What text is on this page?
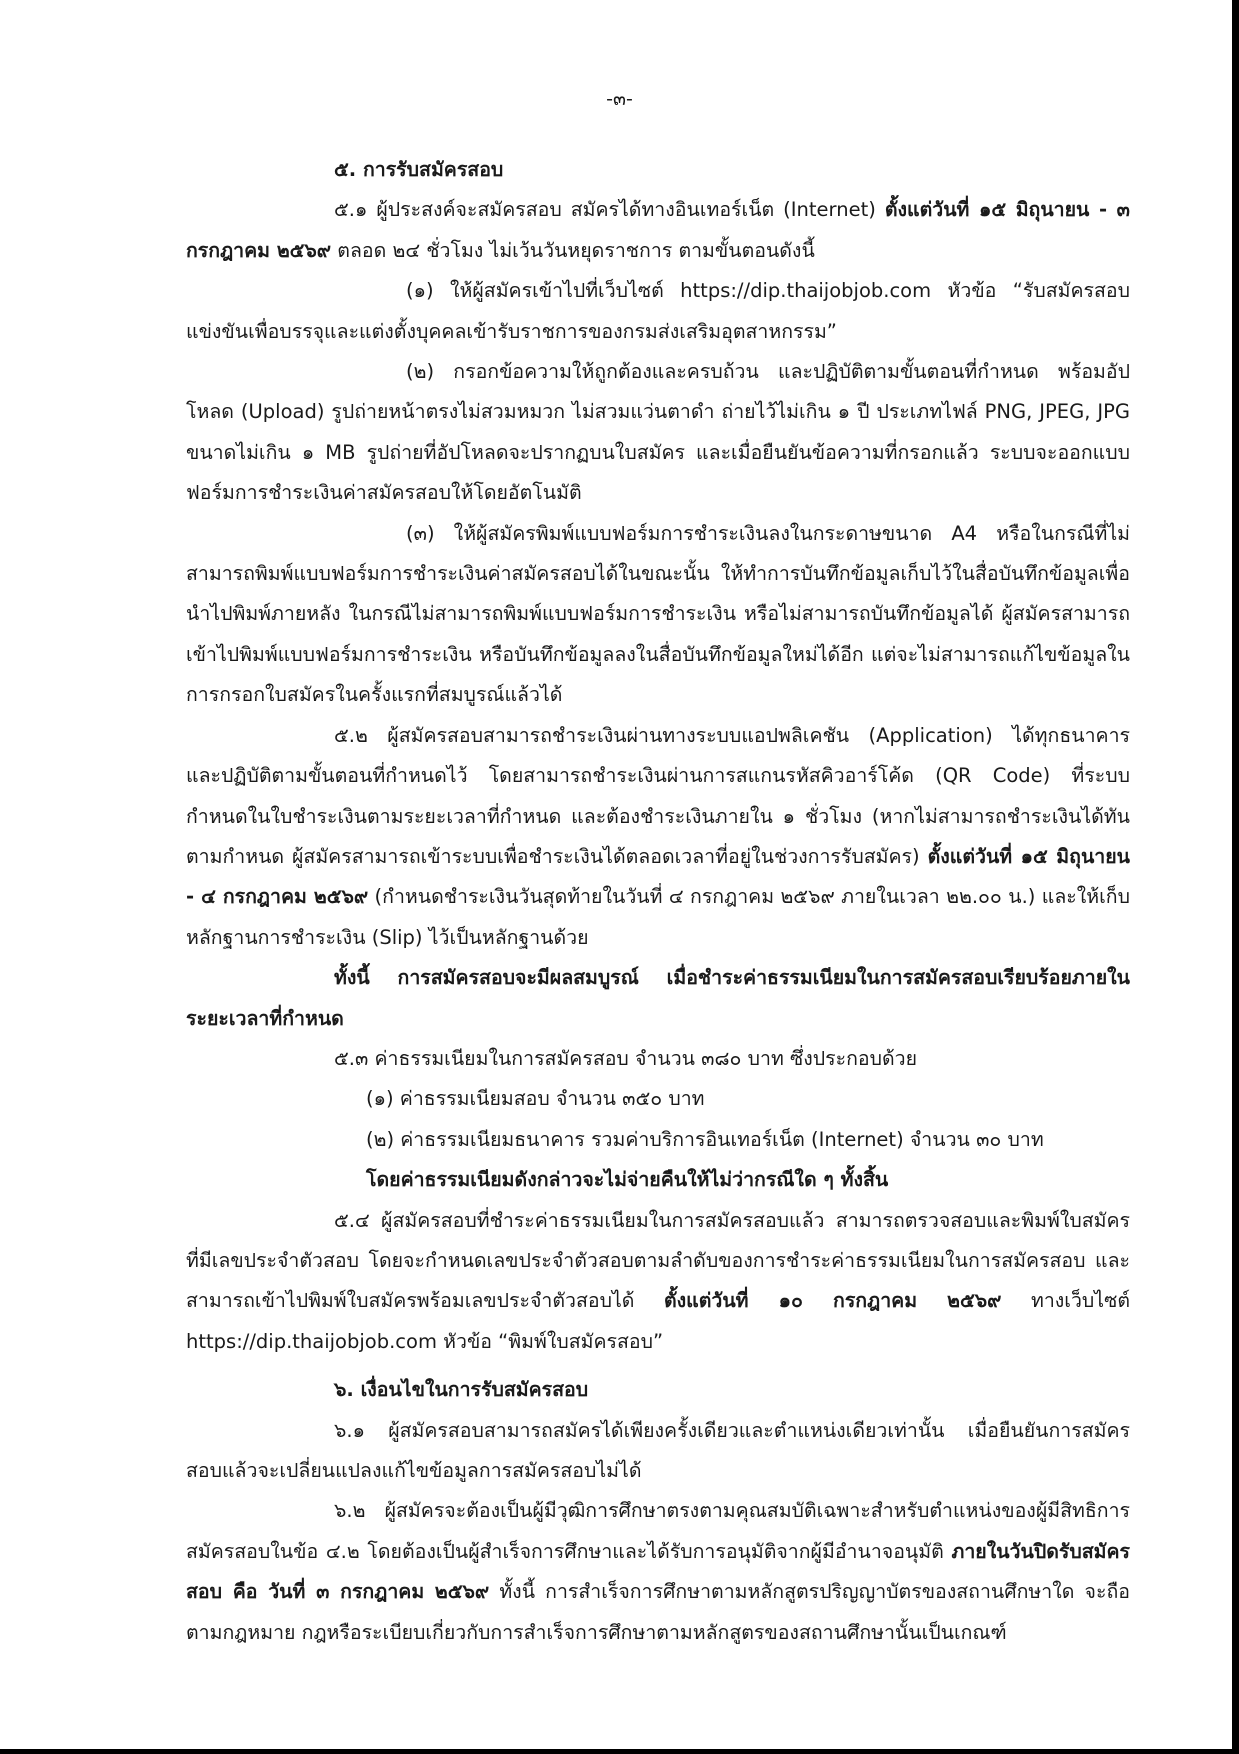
-๓-

๕. การรับสมัครสอบ

๕.๑ ผู้ประสงค์จะสมัครสอบ สมัครได้ทางอินเทอร์เน็ต (Internet) ตั้งแต่วันที่ ๑๕ มิถุนายน - ๓ กรกฎาคม ๒๕๖๙ ตลอด ๒๔ ชั่วโมง ไม่เว้นวันหยุดราชการ ตามขั้นตอนดังนี้

(๑) ให้ผู้สมัครเข้าไปที่เว็บไซต์ https://dip.thaijobjob.com หัวข้อ “รับสมัครสอบแข่งขันเพื่อบรรจุและแต่งตั้งบุคคลเข้ารับราชการของกรมส่งเสริมอุตสาหกรรม”

(๒) กรอกข้อความให้ถูกต้องและครบถ้วน และปฏิบัติตามขั้นตอนที่กำหนด พร้อมอัปโหลด (Upload) รูปถ่ายหน้าตรงไม่สวมหมวก ไม่สวมแว่นตาดำ ถ่ายไว้ไม่เกิน ๑ ปี ประเภทไฟล์ PNG, JPEG, JPG ขนาดไม่เกิน ๑ MB รูปถ่ายที่อัปโหลดจะปรากฏบนใบสมัคร และเมื่อยืนยันข้อความที่กรอกแล้ว ระบบจะออกแบบฟอร์มการชำระเงินค่าสมัครสอบให้โดยอัตโนมัติ

(๓) ให้ผู้สมัครพิมพ์แบบฟอร์มการชำระเงินลงในกระดาษขนาด A4 หรือในกรณีที่ไม่สามารถพิมพ์แบบฟอร์มการชำระเงินค่าสมัครสอบได้ในขณะนั้น ให้ทำการบันทึกข้อมูลเก็บไว้ในสื่อบันทึกข้อมูลเพื่อนำไปพิมพ์ภายหลัง ในกรณีไม่สามารถพิมพ์แบบฟอร์มการชำระเงิน หรือไม่สามารถบันทึกข้อมูลได้ ผู้สมัครสามารถเข้าไปพิมพ์แบบฟอร์มการชำระเงิน หรือบันทึกข้อมูลลงในสื่อบันทึกข้อมูลใหม่ได้อีก แต่จะไม่สามารถแก้ไขข้อมูลในการกรอกใบสมัครในครั้งแรกที่สมบูรณ์แล้วได้

๕.๒ ผู้สมัครสอบสามารถชำระเงินผ่านทางระบบแอปพลิเคชัน (Application) ได้ทุกธนาคาร และปฏิบัติตามขั้นตอนที่กำหนดไว้ โดยสามารถชำระเงินผ่านการสแกนรหัสคิวอาร์โค้ด (QR Code) ที่ระบบกำหนดในใบชำระเงินตามระยะเวลาที่กำหนด และต้องชำระเงินภายใน ๑ ชั่วโมง (หากไม่สามารถชำระเงินได้ทันตามกำหนด ผู้สมัครสามารถเข้าระบบเพื่อชำระเงินได้ตลอดเวลาที่อยู่ในช่วงการรับสมัคร) ตั้งแต่วันที่ ๑๕ มิถุนายน - ๔ กรกฎาคม ๒๕๖๙ (กำหนดชำระเงินวันสุดท้ายในวันที่ ๔ กรกฎาคม ๒๕๖๙ ภายในเวลา ๒๒.๐๐ น.) และให้เก็บหลักฐานการชำระเงิน (Slip) ไว้เป็นหลักฐานด้วย

ทั้งนี้ การสมัครสอบจะมีผลสมบูรณ์ เมื่อชำระค่าธรรมเนียมในการสมัครสอบเรียบร้อยภายในระยะเวลาที่กำหนด

๕.๓ ค่าธรรมเนียมในการสมัครสอบ จำนวน ๓๘๐ บาท ซึ่งประกอบด้วย

(๑) ค่าธรรมเนียมสอบ จำนวน ๓๕๐ บาท

(๒) ค่าธรรมเนียมธนาคาร รวมค่าบริการอินเทอร์เน็ต (Internet) จำนวน ๓๐ บาท

โดยค่าธรรมเนียมดังกล่าวจะไม่จ่ายคืนให้ไม่ว่ากรณีใด ๆ ทั้งสิ้น

๕.๔ ผู้สมัครสอบที่ชำระค่าธรรมเนียมในการสมัครสอบแล้ว สามารถตรวจสอบและพิมพ์ใบสมัครที่มีเลขประจำตัวสอบ โดยจะกำหนดเลขประจำตัวสอบตามลำดับของการชำระค่าธรรมเนียมในการสมัครสอบ และสามารถเข้าไปพิมพ์ใบสมัครพร้อมเลขประจำตัวสอบได้ ตั้งแต่วันที่ ๑๐ กรกฎาคม ๒๕๖๙ ทางเว็บไซต์ https://dip.thaijobjob.com หัวข้อ “พิมพ์ใบสมัครสอบ”

๖. เงื่อนไขในการรับสมัครสอบ

๖.๑ ผู้สมัครสอบสามารถสมัครได้เพียงครั้งเดียวและตำแหน่งเดียวเท่านั้น เมื่อยืนยันการสมัครสอบแล้วจะเปลี่ยนแปลงแก้ไขข้อมูลการสมัครสอบไม่ได้

๖.๒ ผู้สมัครจะต้องเป็นผู้มีวุฒิการศึกษาตรงตามคุณสมบัติเฉพาะสำหรับตำแหน่งของผู้มีสิทธิการสมัครสอบในข้อ ๔.๒ โดยต้องเป็นผู้สำเร็จการศึกษาและได้รับการอนุมัติจากผู้มีอำนาจอนุมัติ ภายในวันปิดรับสมัครสอบ คือ วันที่ ๓ กรกฎาคม ๒๕๖๙ ทั้งนี้ การสำเร็จการศึกษาตามหลักสูตรปริญญาบัตรของสถานศึกษาใด จะถือตามกฎหมาย กฎหรือระเบียบเกี่ยวกับการสำเร็จการศึกษาตามหลักสูตรของสถานศึกษานั้นเป็นเกณฑ์
